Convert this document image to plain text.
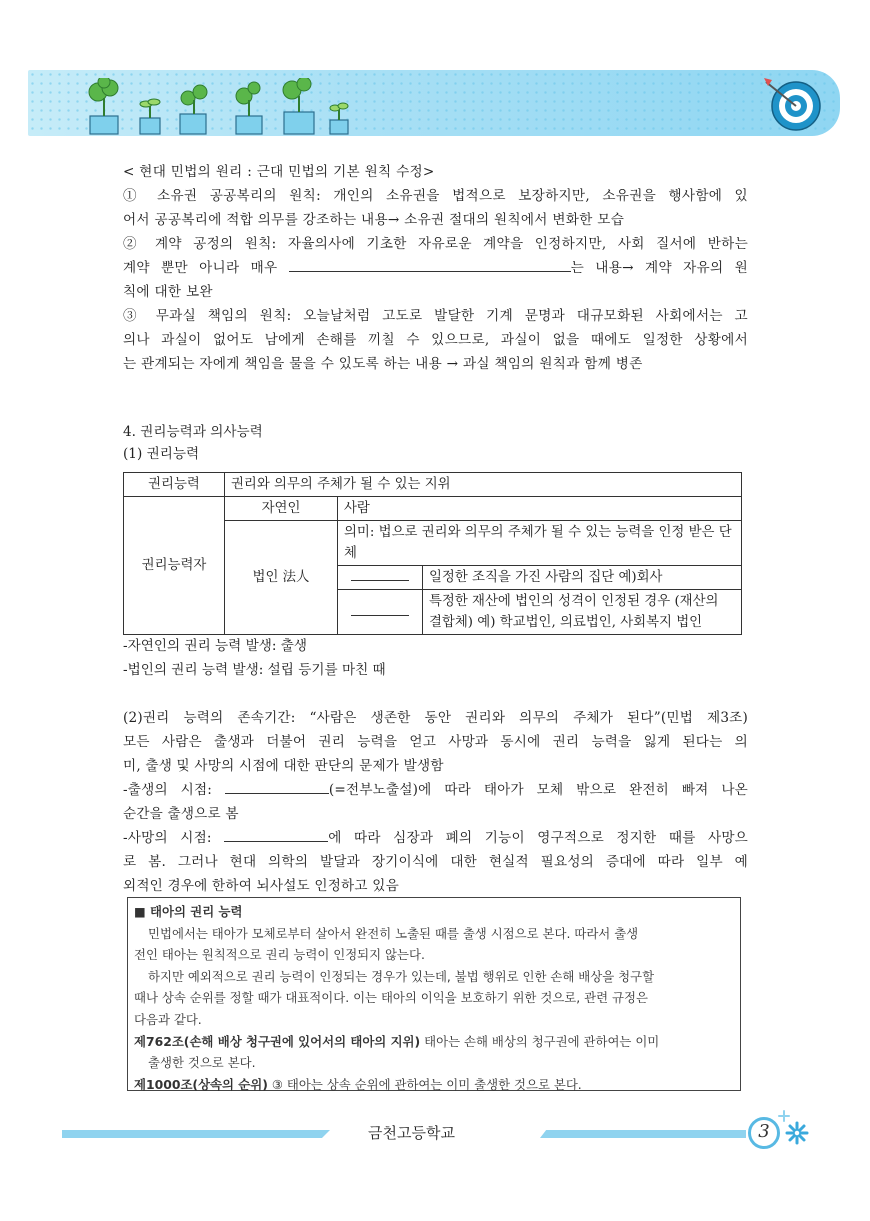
< 현대 민법의 원리 : 근대 민법의 기본 원칙 수정>

① 소유권 공공복리의 원칙: 개인의 소유권을 법적으로 보장하지만, 소유권을 행사함에 있

어서 공공복리에 적합 의무를 강조하는 내용→ 소유권 절대의 원칙에서 변화한 모습

② 계약 공정의 원칙: 자율의사에 기초한 자유로운 계약을 인정하지만, 사회 질서에 반하는

계약 뿐만 아니라 매우	는 내용→ 계약 자유의 원

칙에 대한 보완

③ 무과실 책임의 원칙: 오늘날처럼 고도로 발달한 기계 문명과 대규모화된 사회에서는 고

의나 과실이 없어도 남에게 손해를 끼칠 수 있으므로, 과실이 없을 때에도 일정한 상황에서

는 관계되는 자에게 책임을 물을 수 있도록 하는 내용 → 과실 책임의 원칙과 함께 병존

4. 권리능력과 의사능력

(1) 권리능력

권리능력	권리와 의무의 주체가 될 수 있는 지위		
권리능력자	자연인	사람	
	법인 法人	의미: 법으로 권리와 의무의 주체가 될 수 있는 능력을 인정 받은 단체	
			일정한 조직을 가진 사람의 집단 예)회사
			특정한 재산에 법인의 성격이 인정된 경우 (재산의 결합체) 예) 학교법인, 의료법인, 사회복지 법인

-자연인의 권리 능력 발생: 출생

-법인의 권리 능력 발생: 설립 등기를 마친 때

(2)권리 능력의 존속기간: “사람은 생존한 동안 권리와 의무의 주체가 된다”(민법 제3조)

모든 사람은 출생과 더불어 권리 능력을 얻고 사망과 동시에 권리 능력을 잃게 된다는 의

미, 출생 및 사망의 시점에 대한 판단의 문제가 발생함

-출생의 시점:	(=전부노출설)에 따라 태아가 모체 밖으로 완전히 빠져 나온

순간을 출생으로 봄

-사망의 시점:	에 따라 심장과 폐의 기능이 영구적으로 정지한 때를 사망으

로 봄. 그러나 현대 의학의 발달과 장기이식에 대한 현실적 필요성의 증대에 따라 일부 예

외적인 경우에 한하여 뇌사설도 인정하고 있음

■ 태아의 권리 능력

민법에서는 태아가 모체로부터 살아서 완전히 노출된 때를 출생 시점으로 본다. 따라서 출생

전인 태아는 원칙적으로 권리 능력이 인정되지 않는다.

하지만 예외적으로 권리 능력이 인정되는 경우가 있는데, 불법 행위로 인한 손해 배상을 청구할

때나 상속 순위를 정할 때가 대표적이다. 이는 태아의 이익을 보호하기 위한 것으로, 관련 규정은

다음과 같다.

제762조(손해 배상 청구권에 있어서의 태아의 지위) 태아는 손해 배상의 청구권에 관하여는 이미

출생한 것으로 본다.

제1000조(상속의 순위) ③ 태아는 상속 순위에 관하여는 이미 출생한 것으로 본다.

금천고등학교	3
